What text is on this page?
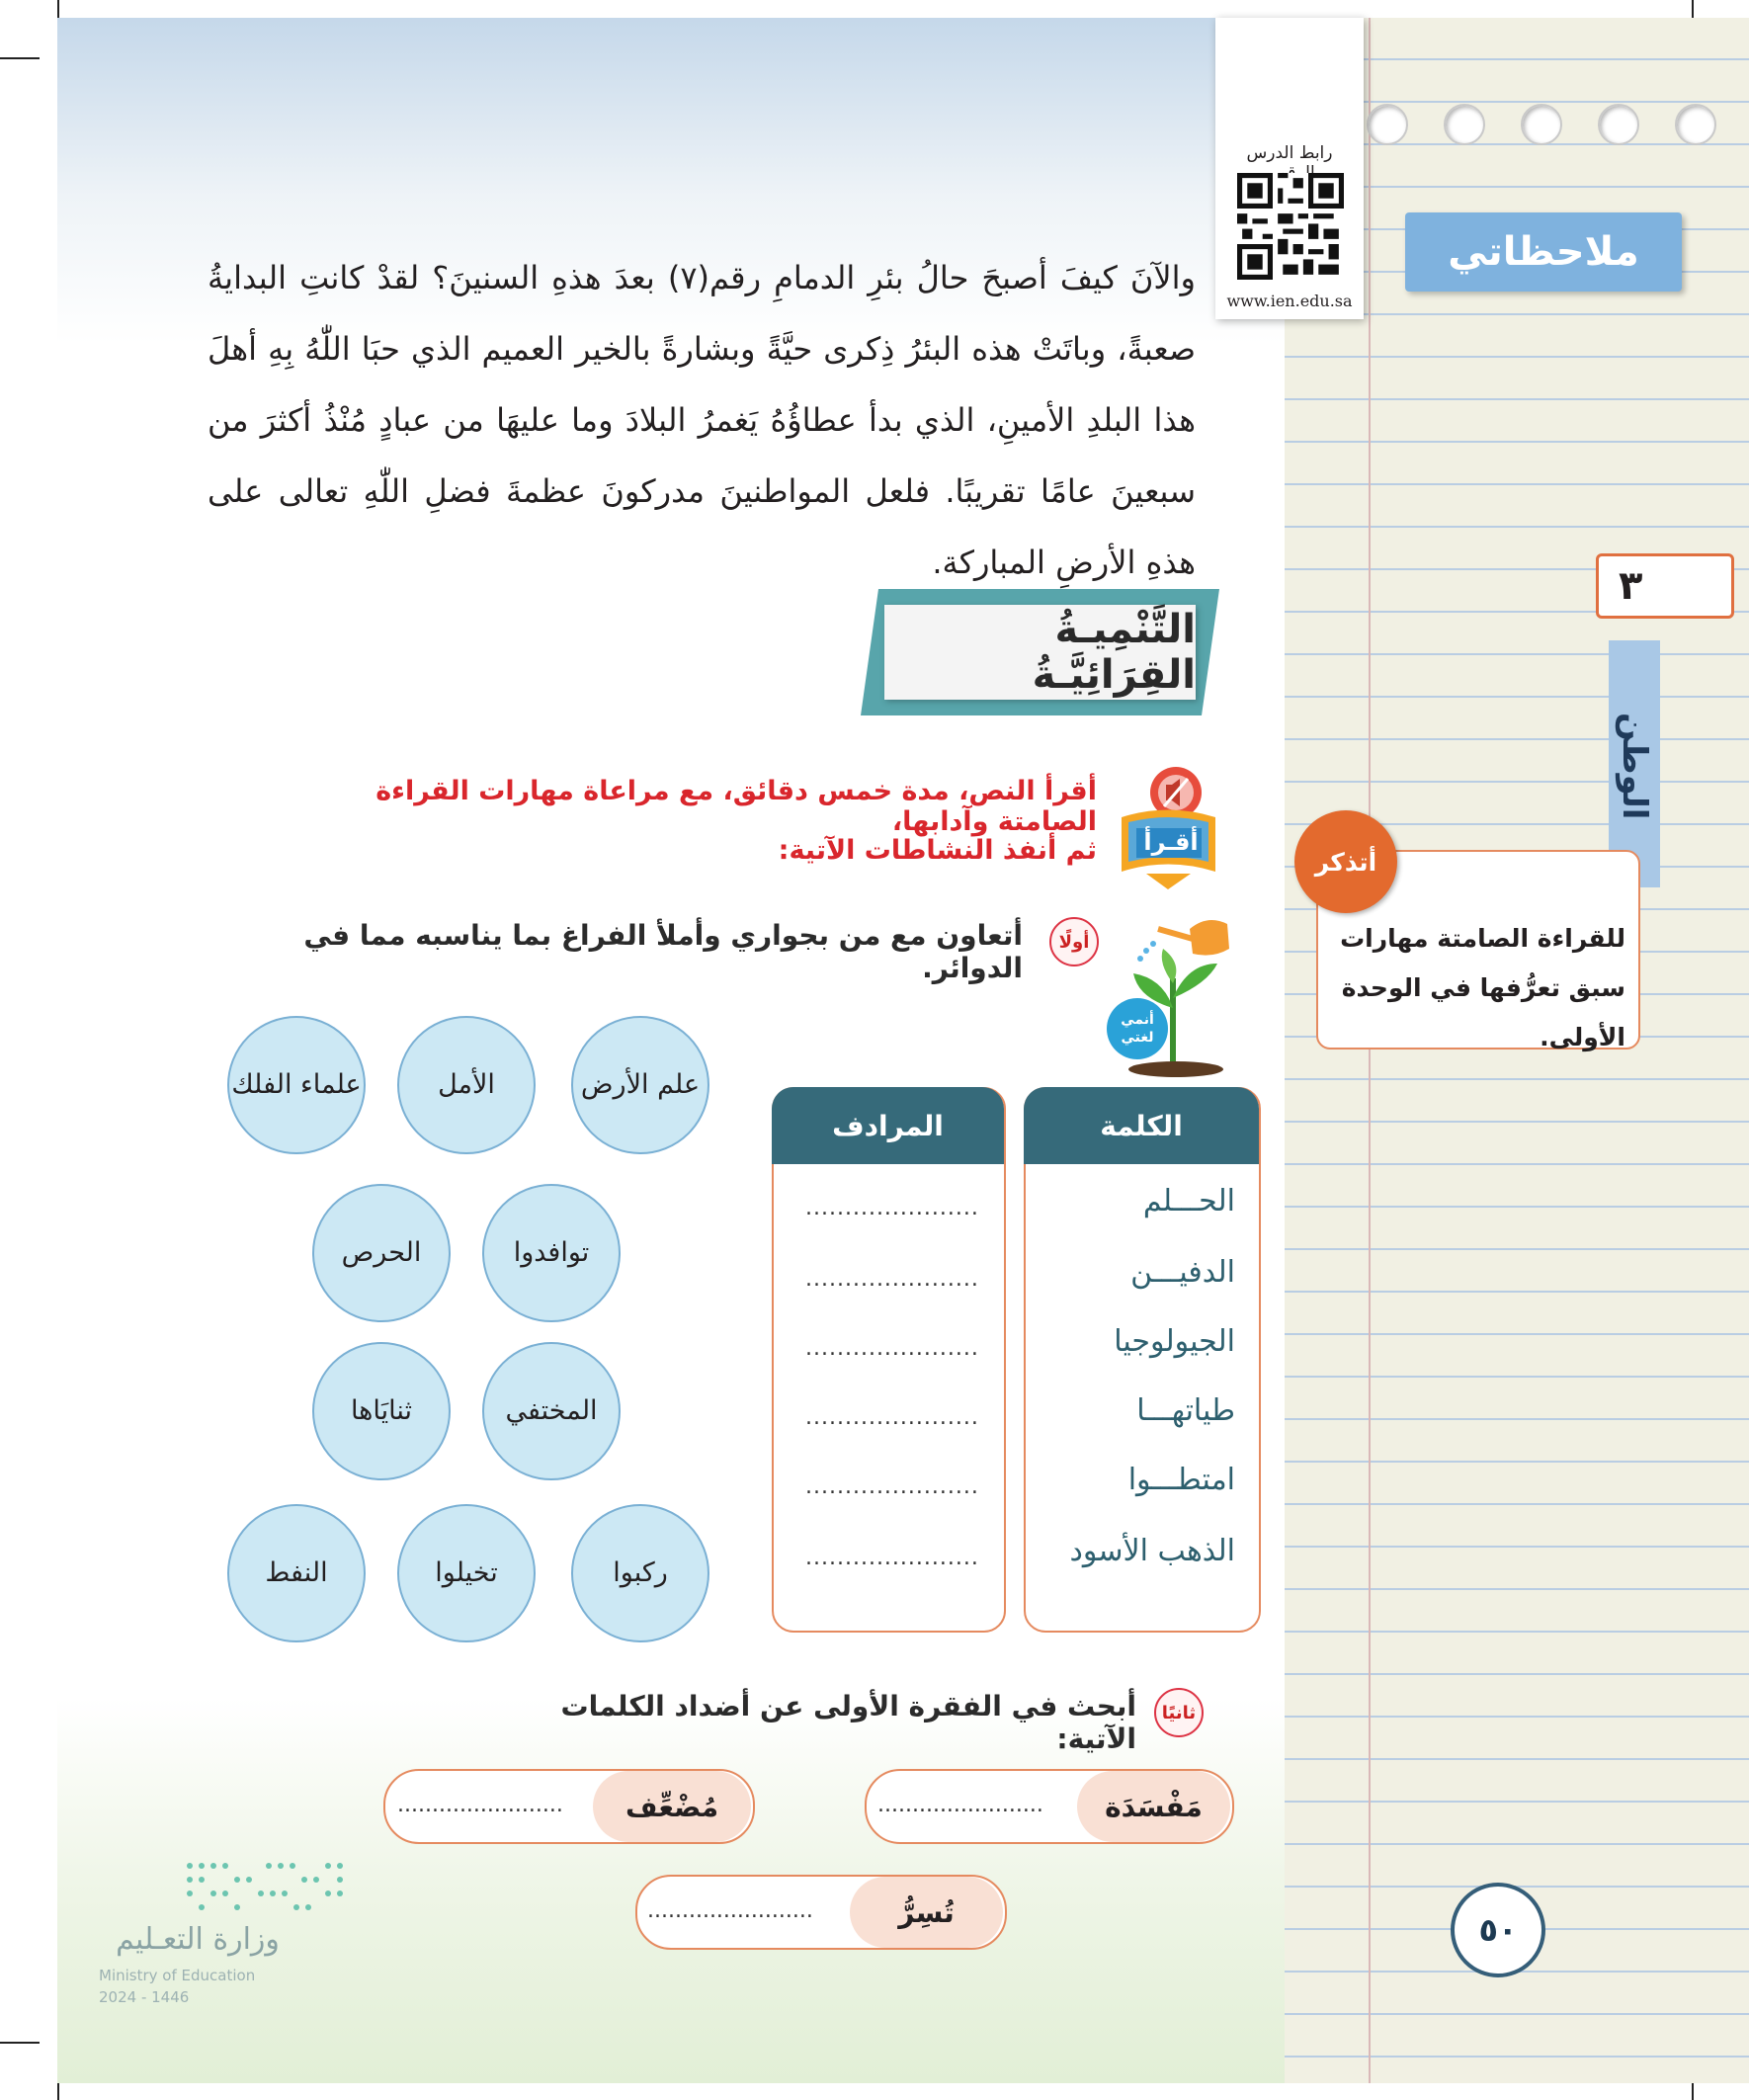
ملاحظاتي
رابط الدرس
www.ien.edu.sa
٣
الوطن
للقراءة الصامتة مهارات سبق تعرُّفها في الوحدة الأولى.
أتذكر
والآنَ كيفَ أصبحَ حالُ بئرِ الدمامِ رقم(٧) بعدَ هذهِ السنينَ؟ لقدْ كانتِ البدايةُ صعبةً، وباتَتْ هذه البئرُ ذِكرى حيَّةً وبشارةً بالخير العميم الذي حبَا اللّٰهُ بِهِ أهلَ هذا البلدِ الأمينِ، الذي بدأ عطاؤُهُ يَغمرُ البلادَ وما عليهَا من عبادٍ مُنْذُ أكثرَ من سبعينَ عامًا تقريبًا. فلعل المواطنينَ مدركونَ عظمةَ فضلِ اللّٰهِ تعالى على هذهِ الأرضِ المباركة.
التَّنْمِيـةُ القِرَائِيَّـةُ
أقـرأ
أقرأ النص، مدة خمس دقائق، مع مراعاة مهارات القراءة الصامتة وآدابها،
ثم أنفذ النشاطات الآتية:
أولًا
أتعاون مع من بجواري وأملأ الفراغ بما يناسبه مما في الدوائر.
أنمي لغتي
علم الأرض
الأمل
علماء الفلك
توافدوا
الحرص
المختفي
ثنايَاها
ركبوا
تخيلوا
النفط
الكلمة
المرادف
الحـــلم
الدفيـــن
الجيولوجيا
طياتهـــا
امتطـــوا
الذهب الأسود
......................
......................
......................
......................
......................
......................
ثانيًا
أبحث في الفقرة الأولى عن أضداد الكلمات الآتية:
مَفْسَدَة
........................
مُضْعِّف
........................
تُسِرُّ
........................
٥٠
وزارة التعـليم
Ministry of Education
2024 - 1446
